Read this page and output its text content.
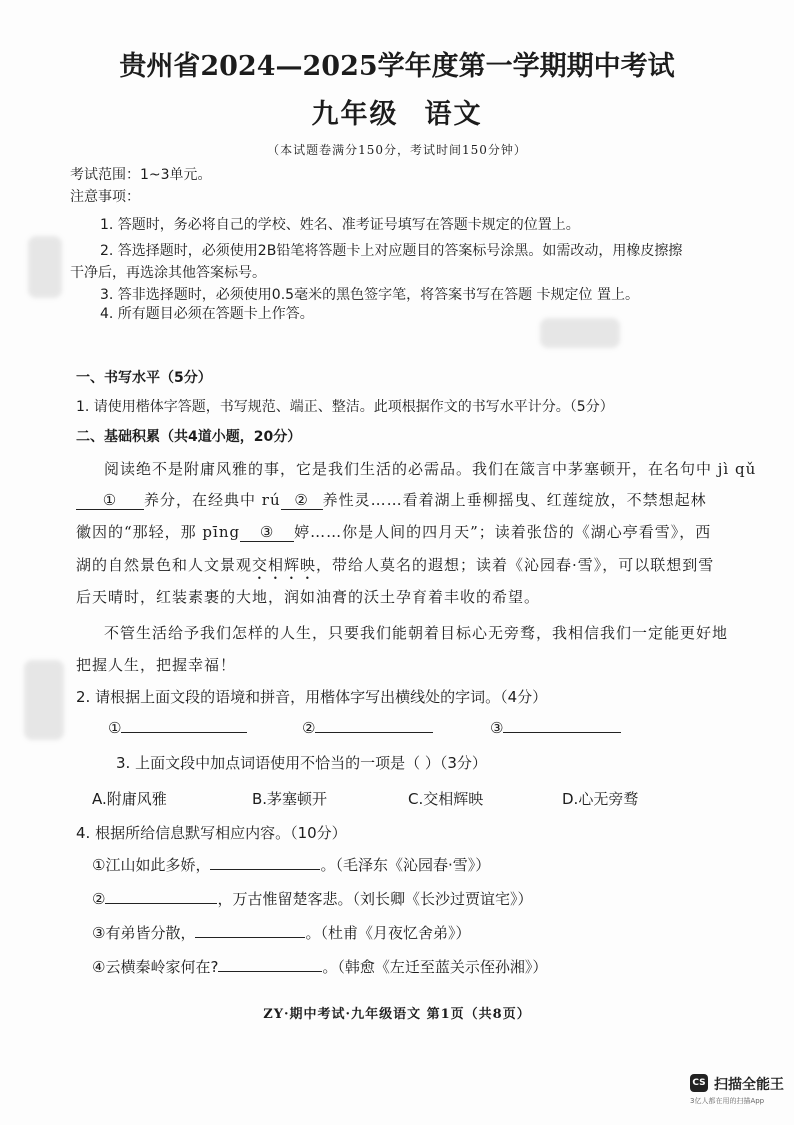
贵州省2024—2025学年度第一学期期中考试
九年级 语文
（本试题卷满分150分，考试时间150分钟）
考试范围：1~3单元。
注意事项：
1. 答题时，务必将自己的学校、姓名、准考证号填写在答题卡规定的位置上。
2. 答选择题时，必须使用2B铅笔将答题卡上对应题目的答案标号涂黑。如需改动，用橡皮擦擦
干净后，再选涂其他答案标号。
3. 答非选择题时，必须使用0.5毫米的黑色签字笔，将答案书写在答题 卡规定位 置上。
4. 所有题目必须在答题卡上作答。
一、书写水平（5分）
1. 请使用楷体字答题，书写规范、端正、整洁。此项根据作文的书写水平计分。（5分）
二、基础积累（共4道小题，20分）
阅读绝不是附庸风雅的事，它是我们生活的必需品。我们在箴言中茅塞顿开，在名句中 jì qǔ
① 养分，在经典中 rú ② 养性灵……看着湖上垂柳摇曳、红莲绽放，不禁想起林
徽因的“那轻，那 pīng ③ 婷……你是人间的四月天”；读着张岱的《湖心亭看雪》，西
湖的自然景色和人文景观交相辉映，带给人莫名的遐想；读着《沁园春·雪》，可以联想到雪
后天晴时，红装素裹的大地，润如油膏的沃土孕育着丰收的希望。
不管生活给予我们怎样的人生，只要我们能朝着目标心无旁骛，我相信我们一定能更好地
把握人生，把握幸福！
2. 请根据上面文段的语境和拼音，用楷体字写出横线处的字词。（4分）
①	②	③
3. 上面文段中加点词语使用不恰当的一项是（ ）（3分）
A.附庸风雅	B.茅塞顿开	C.交相辉映	D.心无旁骛
4. 根据所给信息默写相应内容。（10分）
①江山如此多娇，	。（毛泽东《沁园春·雪》）
②	，万古惟留楚客悲。（刘长卿《长沙过贾谊宅》）
③有弟皆分散，	。（杜甫《月夜忆舍弟》）
④云横秦岭家何在?	。（韩愈《左迁至蓝关示侄孙湘》）
ZY·期中考试·九年级语文 第1页（共8页）
CS 扫描全能王
3亿人都在用的扫描App
